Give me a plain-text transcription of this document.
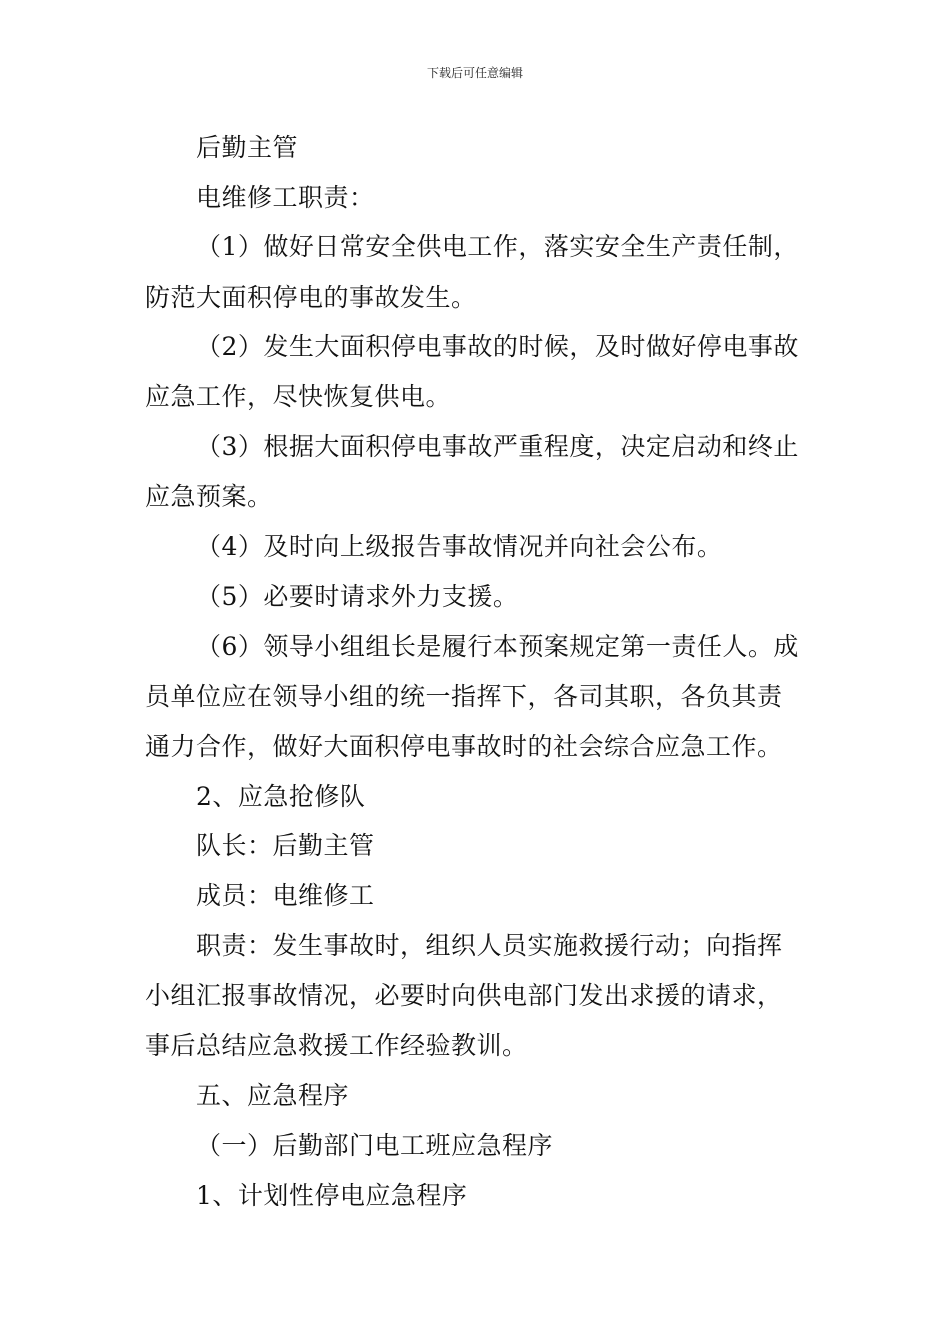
下载后可任意编辑
后勤主管
电维修工职责：
（1）做好日常安全供电工作，落实安全生产责任制，
防范大面积停电的事故发生。
（2）发生大面积停电事故的时候，及时做好停电事故
应急工作，尽快恢复供电。
（3）根据大面积停电事故严重程度，决定启动和终止
应急预案。
（4）及时向上级报告事故情况并向社会公布。
（5）必要时请求外力支援。
（6）领导小组组长是履行本预案规定第一责任人。成
员单位应在领导小组的统一指挥下，各司其职，各负其责
通力合作，做好大面积停电事故时的社会综合应急工作。
2、应急抢修队
队长：后勤主管
成员：电维修工
职责：发生事故时，组织人员实施救援行动；向指挥
小组汇报事故情况，必要时向供电部门发出求援的请求，
事后总结应急救援工作经验教训。
五、应急程序
（一）后勤部门电工班应急程序
1、计划性停电应急程序
